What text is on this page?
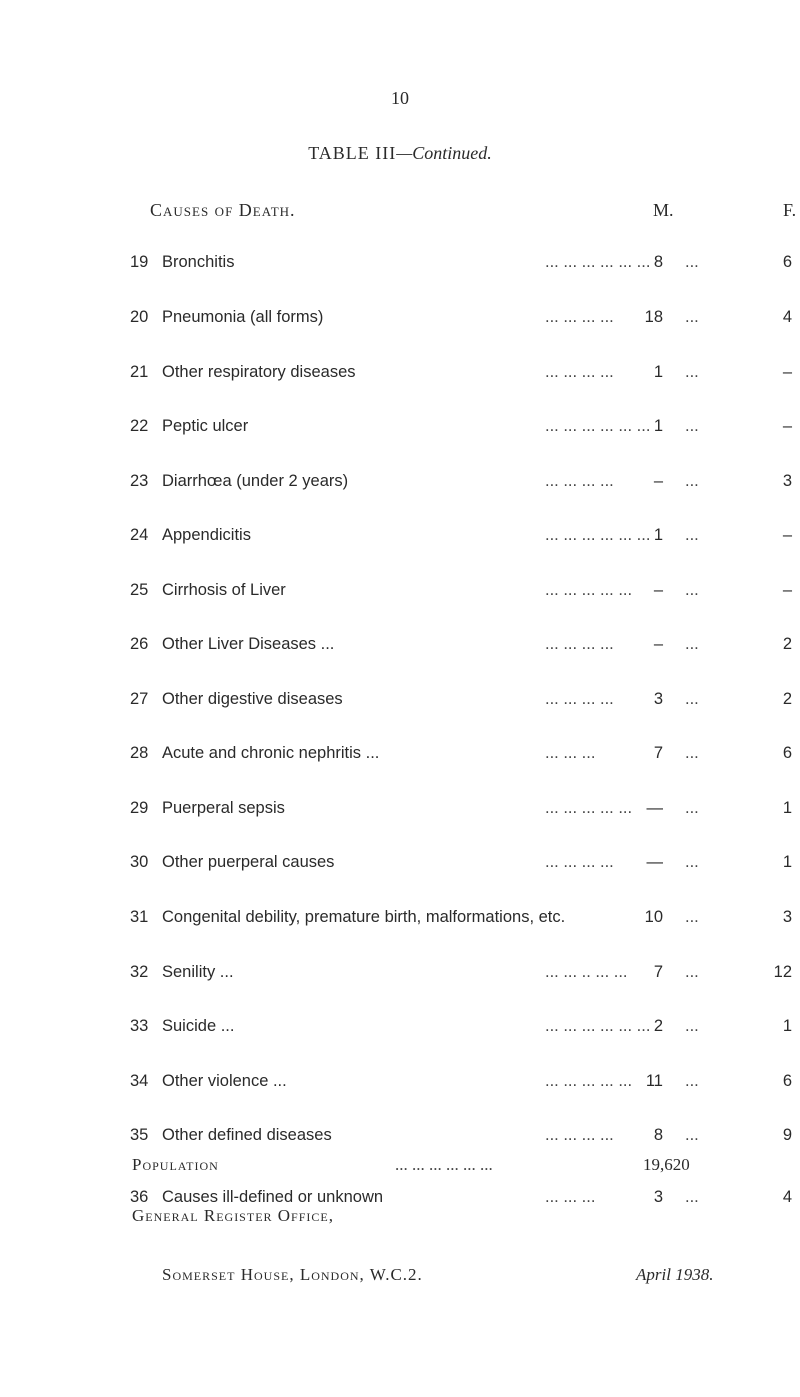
10
TABLE III—Continued.
Causes of Death.	M.	F.
19 Bronchitis	... ... ... ... ... ... 8 ...	6
20 Pneumonia (all forms)	... ... ... ... 18 ...	4
21 Other respiratory diseases	... ... ... ... 1 ...	–
22 Peptic ulcer	... ... ... ... ... ... 1 ...	–
23 Diarrhœa (under 2 years)	... ... ... ... – ...	3
24 Appendicitis	... ... ... ... ... ... 1 ...	–
25 Cirrhosis of Liver	... ... ... ... ... – ...	–
26 Other Liver Diseases ...	... ... ... ... – ...	2
27 Other digestive diseases	... ... ... ... 3 ...	2
28 Acute and chronic nephritis ...	... ... ...	7 ...	6
29 Puerperal sepsis	... ... ... ... ... — ...	1
30 Other puerperal causes	... ... ... ... — ...	1
31 Congenital debility, premature birth, malformations, etc.	10 ...	3
32 Senility ...	... ... .. ... ... 7 ...	12
33 Suicide ...	... ... ... ... ... ... 2 ...	1
34 Other violence ...	... ... ... ... ... 11 ...	6
35 Other defined diseases	... ... ... ... 8 ...	9
36 Causes ill-defined or unknown	... ... ...	3 ...	4
Population	... ... ... ... ... ...	19,620
General Register Office,
Somerset House, London, W.C.2.	April 1938.
